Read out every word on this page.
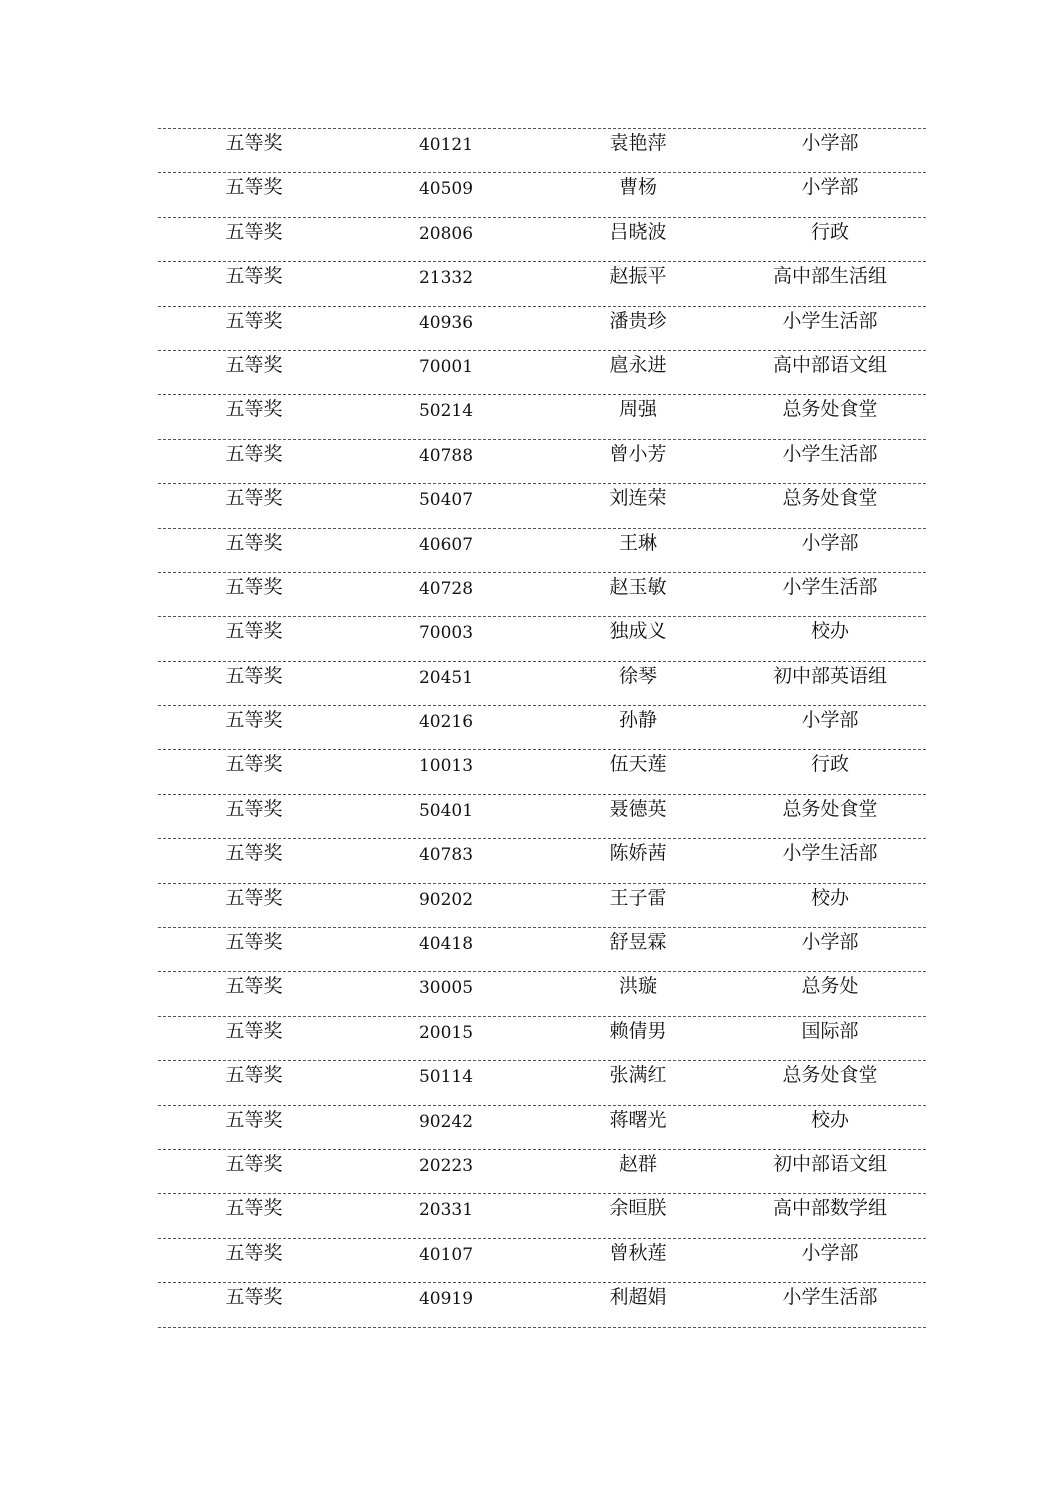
五等奖	40121	袁艳萍	小学部
五等奖	40509	曹杨	小学部
五等奖	20806	吕晓波	行政
五等奖	21332	赵振平	高中部生活组
五等奖	40936	潘贵珍	小学生活部
五等奖	70001	扈永进	高中部语文组
五等奖	50214	周强	总务处食堂
五等奖	40788	曾小芳	小学生活部
五等奖	50407	刘连荣	总务处食堂
五等奖	40607	王琳	小学部
五等奖	40728	赵玉敏	小学生活部
五等奖	70003	独成义	校办
五等奖	20451	徐琴	初中部英语组
五等奖	40216	孙静	小学部
五等奖	10013	伍天莲	行政
五等奖	50401	聂德英	总务处食堂
五等奖	40783	陈娇茜	小学生活部
五等奖	90202	王子雷	校办
五等奖	40418	舒昱霖	小学部
五等奖	30005	洪璇	总务处
五等奖	20015	赖倩男	国际部
五等奖	50114	张满红	总务处食堂
五等奖	90242	蒋曙光	校办
五等奖	20223	赵群	初中部语文组
五等奖	20331	余晅朕	高中部数学组
五等奖	40107	曾秋莲	小学部
五等奖	40919	利超娟	小学生活部
